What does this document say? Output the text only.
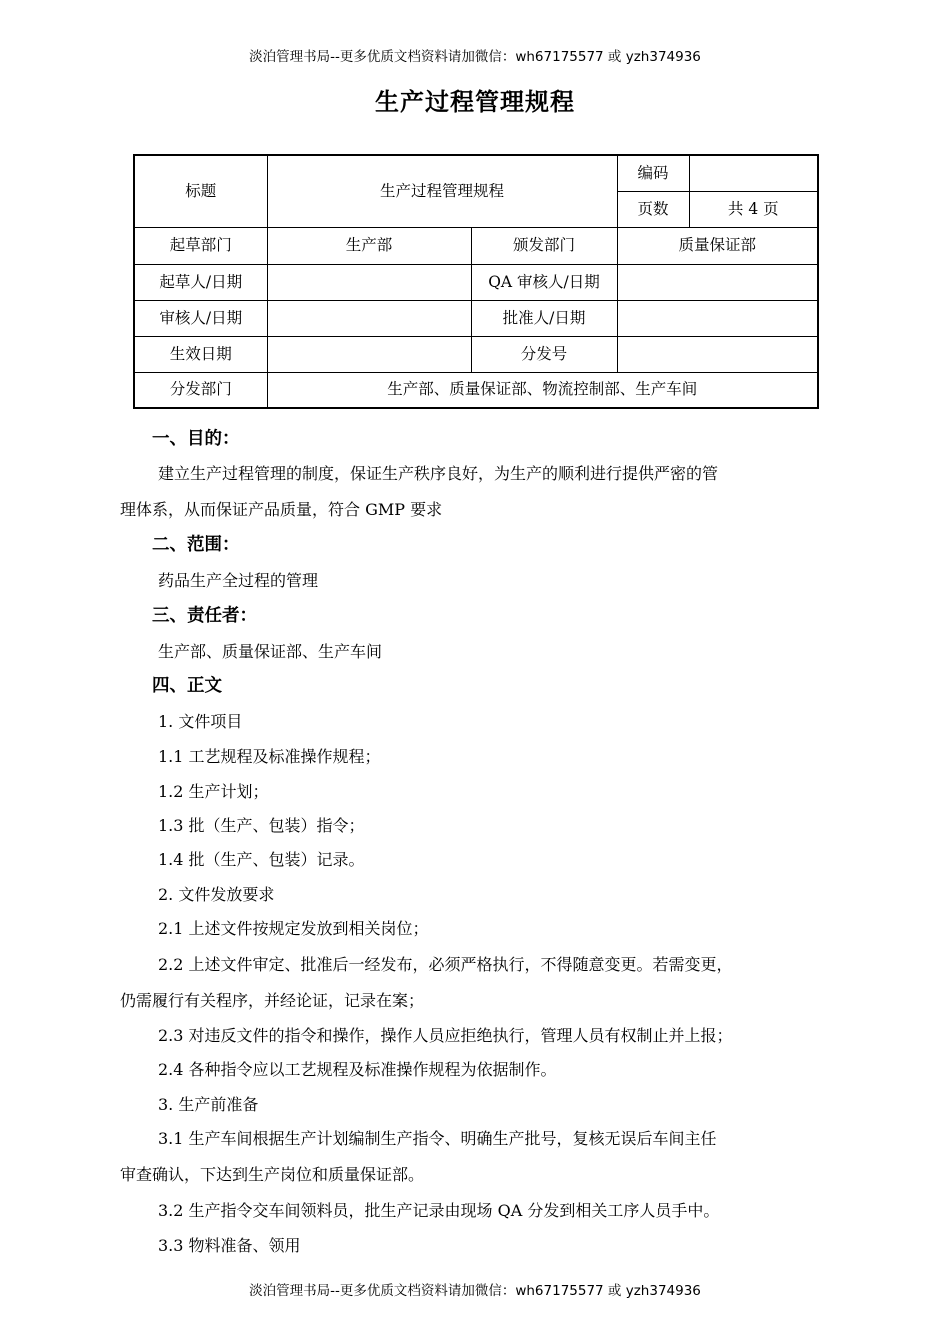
淡泊管理书局--更多优质文档资料请加微信：wh67175577 或 yzh374936
生产过程管理规程
标题	生产过程管理规程		编码	
			页数	共 4 页
起草部门	生产部	颁发部门	质量保证部	
起草人/日期		QA 审核人/日期		
审核人/日期		批准人/日期		
生效日期		分发号		
分发部门	生产部、质量保证部、物流控制部、生产车间			
一、目的：
建立生产过程管理的制度，保证生产秩序良好，为生产的顺利进行提供严密的管
理体系，从而保证产品质量，符合 GMP 要求
二、范围：
药品生产全过程的管理
三、责任者：
生产部、质量保证部、生产车间
四、正文
1. 文件项目
1.1 工艺规程及标准操作规程；
1.2 生产计划；
1.3 批（生产、包装）指令；
1.4 批（生产、包装）记录。
2. 文件发放要求
2.1 上述文件按规定发放到相关岗位；
2.2 上述文件审定、批准后一经发布，必须严格执行，不得随意变更。若需变更，
仍需履行有关程序，并经论证，记录在案；
2.3 对违反文件的指令和操作，操作人员应拒绝执行，管理人员有权制止并上报；
2.4 各种指令应以工艺规程及标准操作规程为依据制作。
3. 生产前准备
3.1 生产车间根据生产计划编制生产指令、明确生产批号，复核无误后车间主任
审查确认，下达到生产岗位和质量保证部。
3.2 生产指令交车间领料员，批生产记录由现场 QA 分发到相关工序人员手中。
3.3 物料准备、领用
淡泊管理书局--更多优质文档资料请加微信：wh67175577 或 yzh374936
